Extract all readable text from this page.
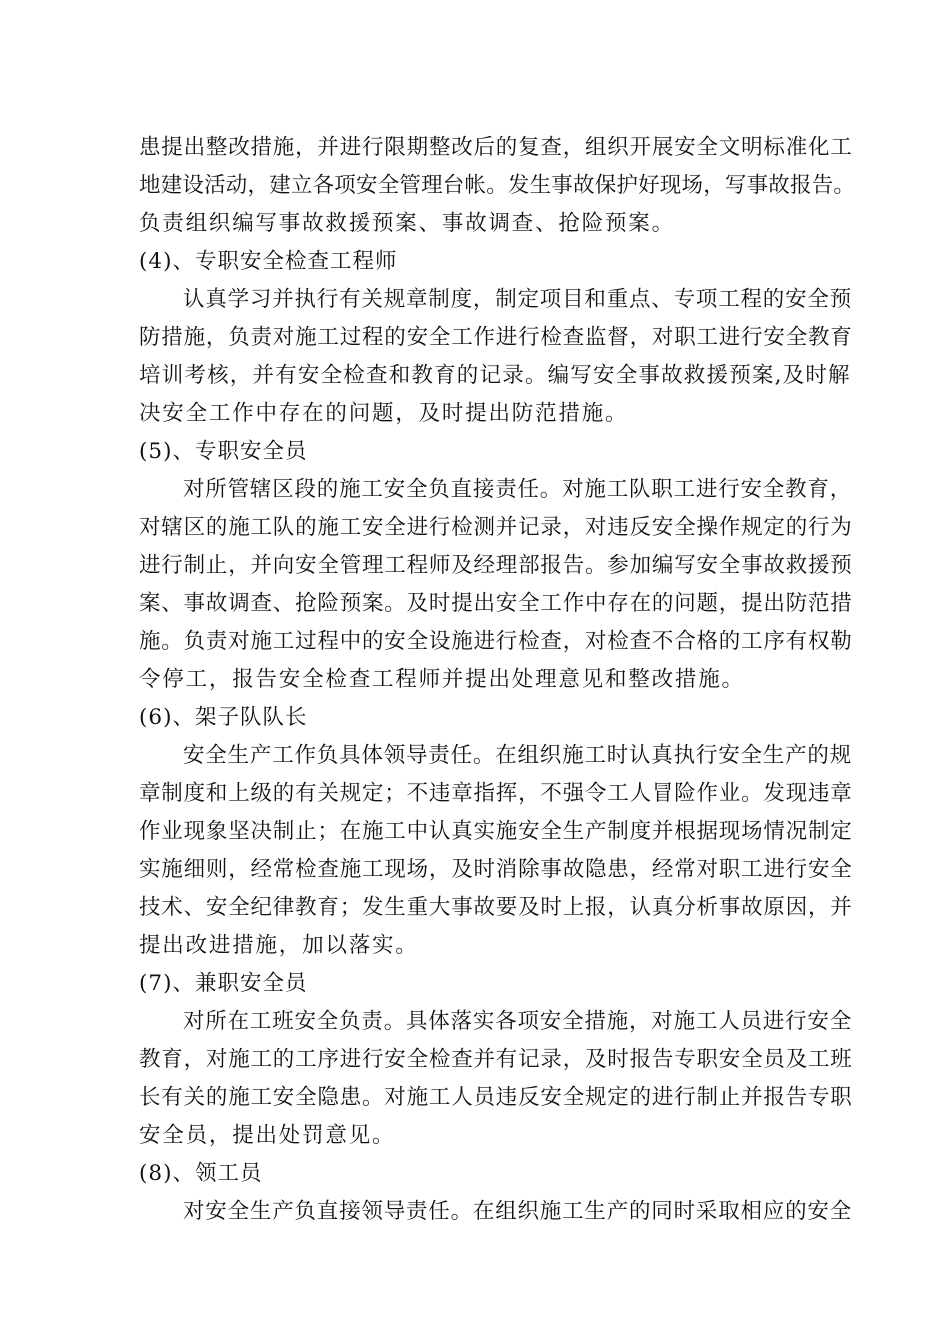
患提出整改措施，并进行限期整改后的复查，组织开展安全文明标准化工
地建设活动，建立各项安全管理台帐。发生事故保护好现场，写事故报告。
负责组织编写事故救援预案、事故调查、抢险预案。
(4)、专职安全检查工程师
认真学习并执行有关规章制度，制定项目和重点、专项工程的安全预
防措施，负责对施工过程的安全工作进行检查监督，对职工进行安全教育
培训考核，并有安全检查和教育的记录。编写安全事故救援预案,及时解
决安全工作中存在的问题，及时提出防范措施。
(5)、专职安全员
对所管辖区段的施工安全负直接责任。对施工队职工进行安全教育，
对辖区的施工队的施工安全进行检测并记录，对违反安全操作规定的行为
进行制止，并向安全管理工程师及经理部报告。参加编写安全事故救援预
案、事故调查、抢险预案。及时提出安全工作中存在的问题，提出防范措
施。负责对施工过程中的安全设施进行检查，对检查不合格的工序有权勒
令停工，报告安全检查工程师并提出处理意见和整改措施。
(6)、架子队队长
安全生产工作负具体领导责任。在组织施工时认真执行安全生产的规
章制度和上级的有关规定；不违章指挥，不强令工人冒险作业。发现违章
作业现象坚决制止；在施工中认真实施安全生产制度并根据现场情况制定
实施细则，经常检查施工现场，及时消除事故隐患，经常对职工进行安全
技术、安全纪律教育；发生重大事故要及时上报，认真分析事故原因，并
提出改进措施，加以落实。
(7)、兼职安全员
对所在工班安全负责。具体落实各项安全措施，对施工人员进行安全
教育，对施工的工序进行安全检查并有记录，及时报告专职安全员及工班
长有关的施工安全隐患。对施工人员违反安全规定的进行制止并报告专职
安全员，提出处罚意见。
(8)、领工员
对安全生产负直接领导责任。在组织施工生产的同时采取相应的安全
